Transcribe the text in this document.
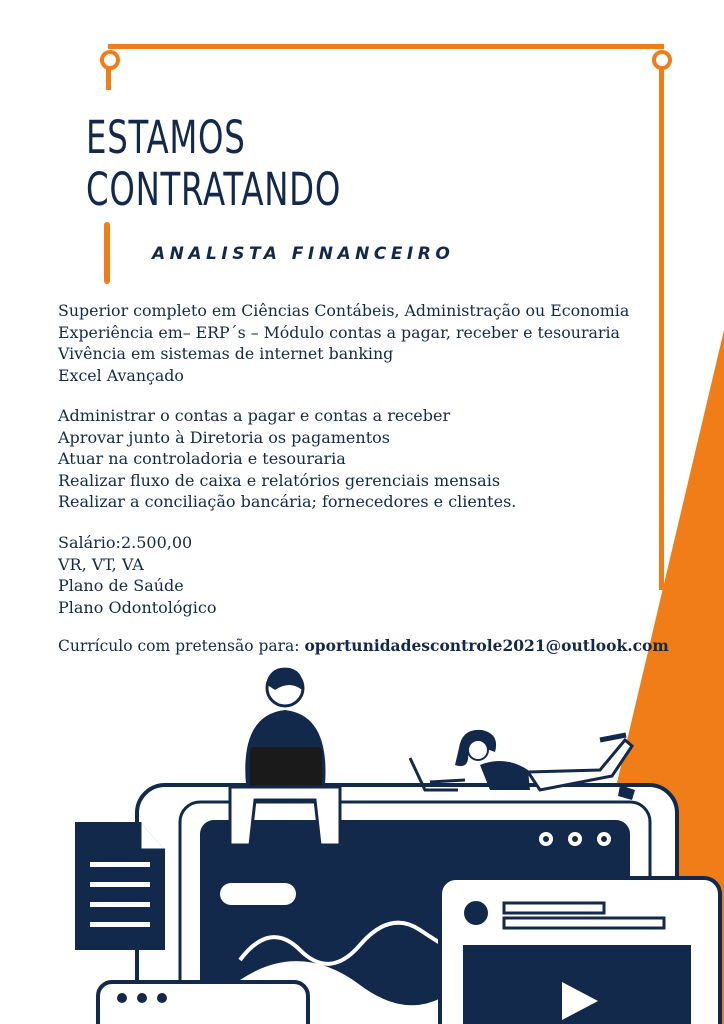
ESTAMOS
CONTRATANDO
ANALISTA FINANCEIRO
Superior completo em Ciências Contábeis, Administração ou Economia
Experiência em– ERP´s – Módulo contas a pagar, receber e tesouraria
Vivência em sistemas de internet banking
Excel Avançado
Administrar o contas a pagar e contas a receber
Aprovar junto à Diretoria os pagamentos
Atuar na controladoria e tesouraria
Realizar fluxo de caixa e relatórios gerenciais mensais
Realizar a conciliação bancária; fornecedores e clientes.
Salário:2.500,00
VR, VT, VA
Plano de Saúde
Plano Odontológico
Currículo com pretensão para: oportunidadescontrole2021@outlook.com
